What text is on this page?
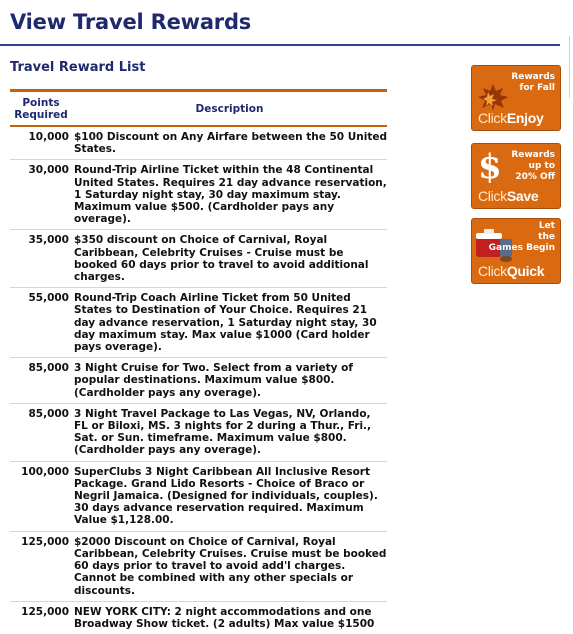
View Travel Rewards
Travel Reward List
Points Required	Description
10,000 $100 Discount on Any Airfare between the 50 United States.
30,000 Round-Trip Airline Ticket within the 48 Continental United States. Requires 21 day advance reservation, 1 Saturday night stay, 30 day maximum stay. Maximum value $500. (Cardholder pays any overage).
35,000 $350 discount on Choice of Carnival, Royal Caribbean, Celebrity Cruises - Cruise must be booked 60 days prior to travel to avoid additional charges.
55,000 Round-Trip Coach Airline Ticket from 50 United States to Destination of Your Choice. Requires 21 day advance reservation, 1 Saturday night stay, 30 day maximum stay. Max value $1000 (Card holder pays overage).
85,000 3 Night Cruise for Two. Select from a variety of popular destinations. Maximum value $800. (Cardholder pays any overage).
85,000 3 Night Travel Package to Las Vegas, NV, Orlando, FL or Biloxi, MS. 3 nights for 2 during a Thur., Fri., Sat. or Sun. timeframe. Maximum value $800. (Cardholder pays any overage).
100,000 SuperClubs 3 Night Caribbean All Inclusive Resort Package. Grand Lido Resorts - Choice of Braco or Negril Jamaica. (Designed for individuals, couples). 30 days advance reservation required. Maximum Value $1,128.00.
125,000 $2000 Discount on Choice of Carnival, Royal Caribbean, Celebrity Cruises. Cruise must be booked 60 days prior to travel to avoid add'l charges. Cannot be combined with any other specials or discounts.
125,000 NEW YORK CITY: 2 night accommodations and one Broadway Show ticket. (2 adults) Max value $1500
Rewards
for Fall
ClickEnjoy
$ Rewards
up to
20% Off
ClickSave
Let
the
Games Begin
ClickQuick
